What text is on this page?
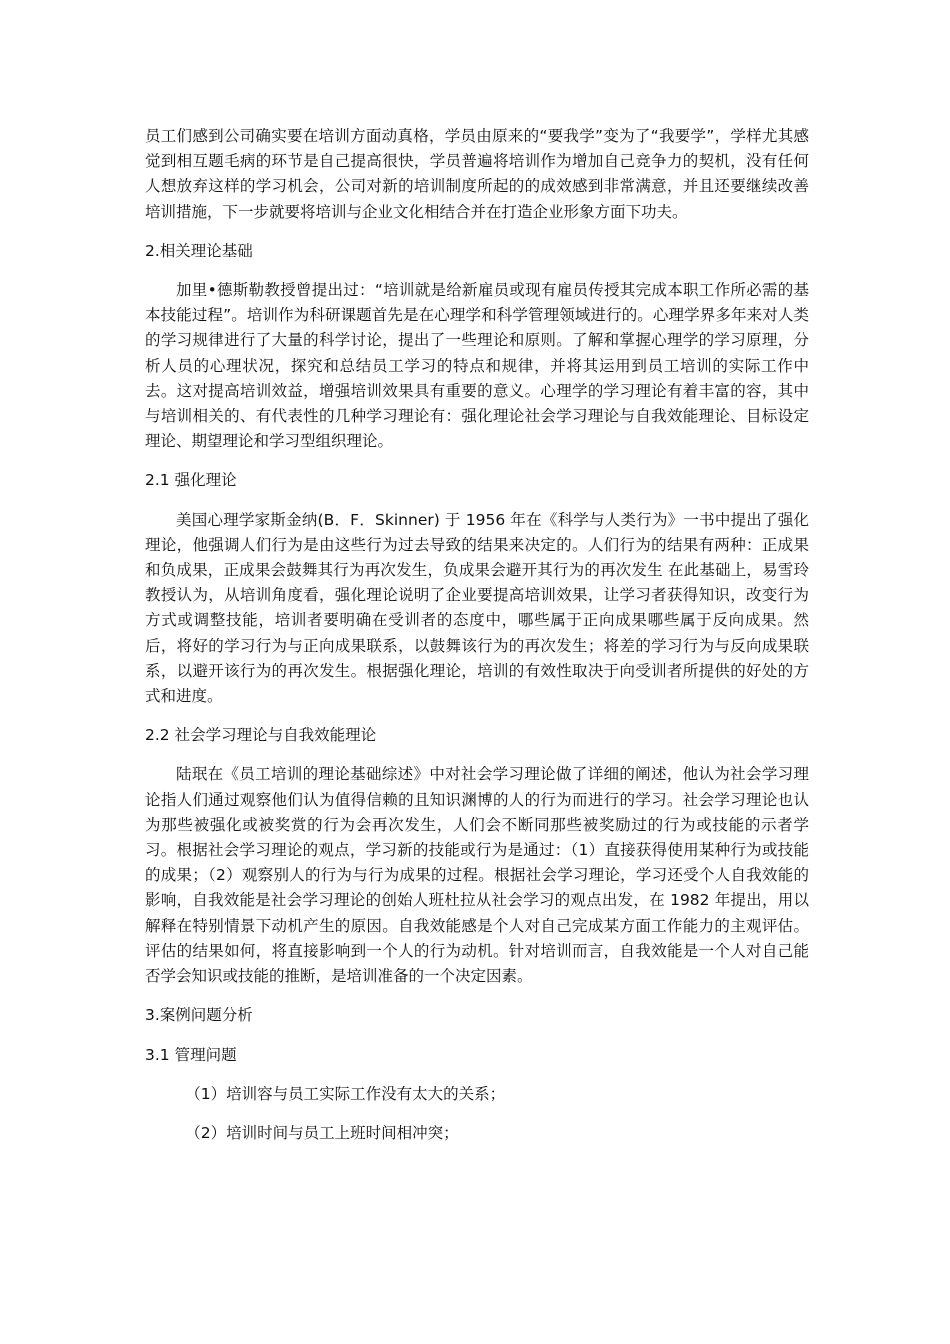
员工们感到公司确实要在培训方面动真格，学员由原来的“要我学”变为了“我要学”，学样尤其感觉到相互题毛病的环节是自己提高很快，学员普遍将培训作为增加自己竞争力的契机，没有任何人想放弃这样的学习机会，公司对新的培训制度所起的的成效感到非常满意，并且还要继续改善培训措施，下一步就要将培训与企业文化相结合并在打造企业形象方面下功夫。

2.相关理论基础

加里•德斯勒教授曾提出过：“培训就是给新雇员或现有雇员传授其完成本职工作所必需的基本技能过程”。培训作为科研课题首先是在心理学和科学管理领域进行的。心理学界多年来对人类的学习规律进行了大量的科学讨论，提出了一些理论和原则。了解和掌握心理学的学习原理，分析人员的心理状况，探究和总结员工学习的特点和规律，并将其运用到员工培训的实际工作中去。这对提高培训效益，增强培训效果具有重要的意义。心理学的学习理论有着丰富的容，其中与培训相关的、有代表性的几种学习理论有：强化理论社会学习理论与自我效能理论、目标设定理论、期望理论和学习型组织理论。

2.1 强化理论

美国心理学家斯金纳(B．F．Skinner) 于 1956 年在《科学与人类行为》一书中提出了强化理论，他强调人们行为是由这些行为过去导致的结果来决定的。人们行为的结果有两种：正成果和负成果，正成果会鼓舞其行为再次发生，负成果会避开其行为的再次发生 在此基础上，易雪玲教授认为，从培训角度看，强化理论说明了企业要提高培训效果，让学习者获得知识，改变行为方式或调整技能，培训者要明确在受训者的态度中，哪些属于正向成果哪些属于反向成果。然后，将好的学习行为与正向成果联系，以鼓舞该行为的再次发生；将差的学习行为与反向成果联系，以避开该行为的再次发生。根据强化理论，培训的有效性取决于向受训者所提供的好处的方式和进度。

2.2 社会学习理论与自我效能理论

陆珉在《员工培训的理论基础综述》中对社会学习理论做了详细的阐述，他认为社会学习理论指人们通过观察他们认为值得信赖的且知识渊博的人的行为而进行的学习。社会学习理论也认为那些被强化或被奖赏的行为会再次发生，人们会不断同那些被奖励过的行为或技能的示者学习。根据社会学习理论的观点，学习新的技能或行为是通过：（1）直接获得使用某种行为或技能的成果；（2）观察别人的行为与行为成果的过程。根据社会学习理论，学习还受个人自我效能的影响，自我效能是社会学习理论的创始人班杜拉从社会学习的观点出发，在 1982 年提出，用以解释在特别情景下动机产生的原因。自我效能感是个人对自己完成某方面工作能力的主观评估。评估的结果如何，将直接影响到一个人的行为动机。针对培训而言，自我效能是一个人对自己能否学会知识或技能的推断，是培训准备的一个决定因素。

3.案例问题分析

3.1 管理问题

（1）培训容与员工实际工作没有太大的关系；

（2）培训时间与员工上班时间相冲突；
